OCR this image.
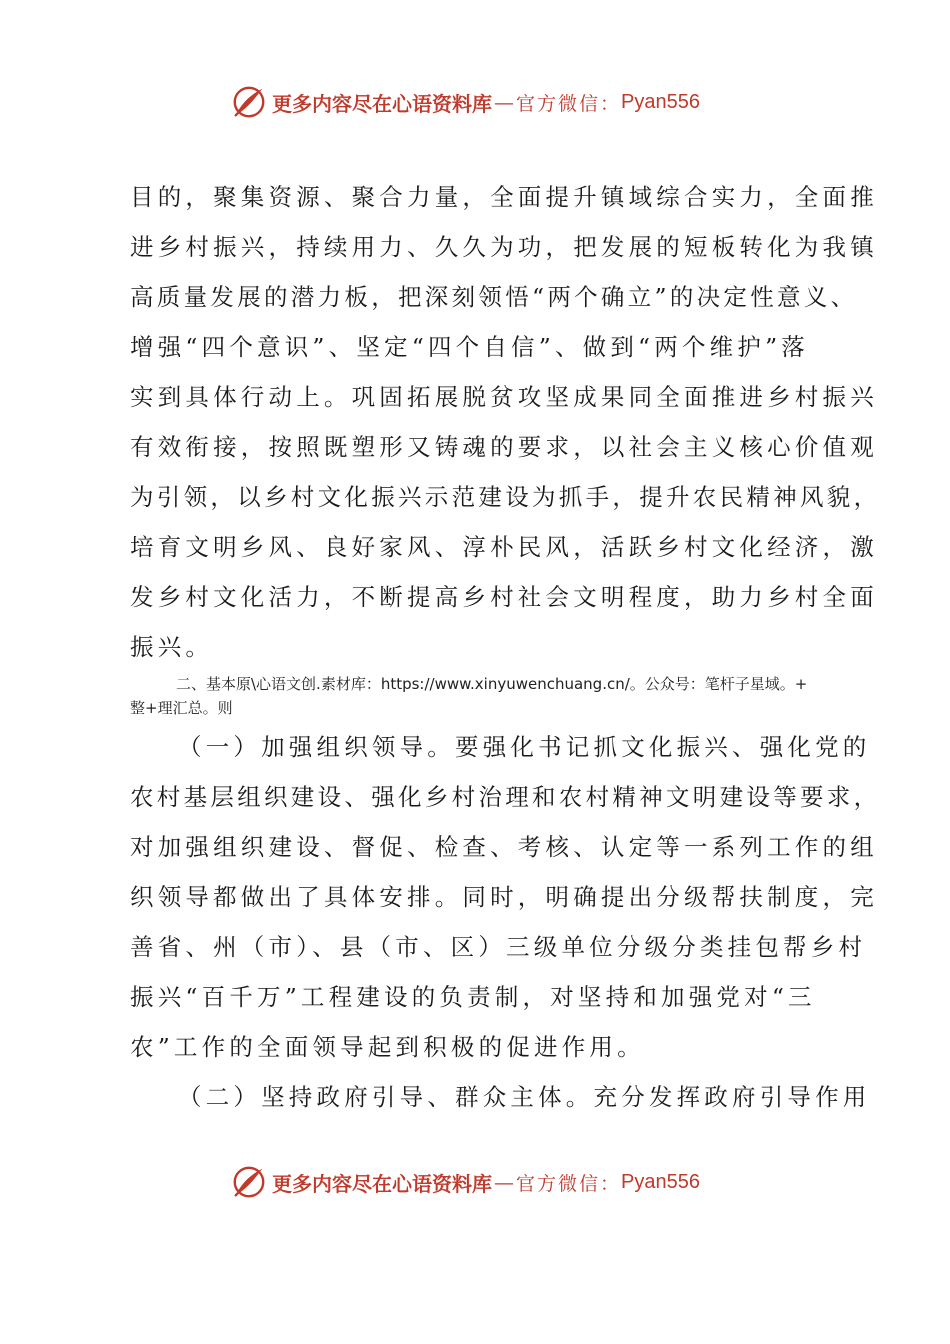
更多内容尽在心语资料库 — 官方微信： Pyan556
目的，聚集资源、聚合力量，全面提升镇域综合实力，全面推
进乡村振兴，持续用力、久久为功，把发展的短板转化为我镇
高质量发展的潜力板，把深刻领悟“两个确立”的决定性意义、
增强“四个意识”、坚定“四个自信”、做到“两个维护”落
实到具体行动上。巩固拓展脱贫攻坚成果同全面推进乡村振兴
有效衔接，按照既塑形又铸魂的要求，以社会主义核心价值观
为引领，以乡村文化振兴示范建设为抓手，提升农民精神风貌，
培育文明乡风、良好家风、淳朴民风，活跃乡村文化经济，激
发乡村文化活力，不断提高乡村社会文明程度，助力乡村全面
振兴。
二、基本原\心语文创.素材库：https://www.xinyuwenchuang.cn/。公众号：笔杆子星域。+
整+理汇总。则
（一）加强组织领导。要强化书记抓文化振兴、强化党的
农村基层组织建设、强化乡村治理和农村精神文明建设等要求，
对加强组织建设、督促、检查、考核、认定等一系列工作的组
织领导都做出了具体安排。同时，明确提出分级帮扶制度，完
善省、州（市）、县（市、区）三级单位分级分类挂包帮乡村
振兴“百千万”工程建设的负责制，对坚持和加强党对“三
农”工作的全面领导起到积极的促进作用。
（二）坚持政府引导、群众主体。充分发挥政府引导作用
更多内容尽在心语资料库 — 官方微信： Pyan556
